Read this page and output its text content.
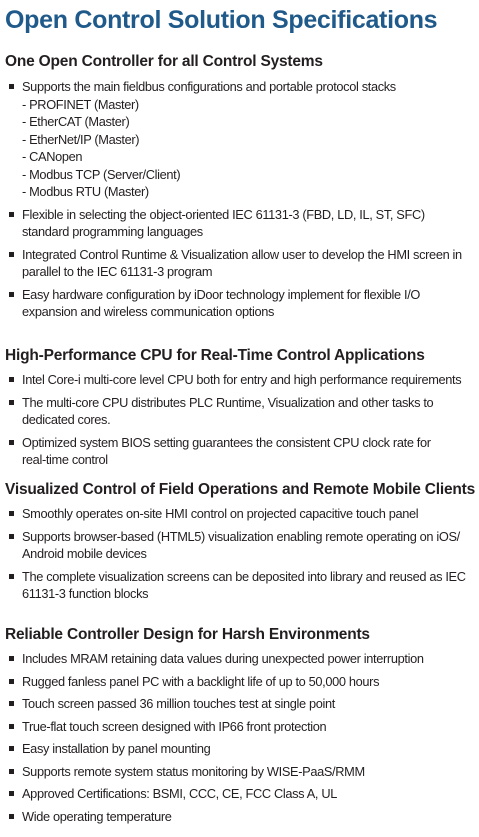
Open Control Solution Specifications
One Open Controller for all Control Systems
Supports the main fieldbus configurations and portable protocol stacks
- PROFINET (Master)
- EtherCAT (Master)
- EtherNet/IP (Master)
- CANopen
- Modbus TCP (Server/Client)
- Modbus RTU (Master)
Flexible in selecting the object-oriented IEC 61131-3 (FBD, LD, IL, ST, SFC)
standard programming languages
Integrated Control Runtime & Visualization allow user to develop the HMI screen in
parallel to the IEC 61131-3 program
Easy hardware configuration by iDoor technology implement for flexible I/O
expansion and wireless communication options
High-Performance CPU for Real-Time Control Applications
Intel Core-i multi-core level CPU both for entry and high performance requirements
The multi-core CPU distributes PLC Runtime, Visualization and other tasks to
dedicated cores.
Optimized system BIOS setting guarantees the consistent CPU clock rate for
real-time control
Visualized Control of Field Operations and Remote Mobile Clients
Smoothly operates on-site HMI control on projected capacitive touch panel
Supports browser-based (HTML5) visualization enabling remote operating on iOS/
Android mobile devices
The complete visualization screens can be deposited into library and reused as IEC
61131-3 function blocks
Reliable Controller Design for Harsh Environments
Includes MRAM retaining data values during unexpected power interruption
Rugged fanless panel PC with a backlight life of up to 50,000 hours
Touch screen passed 36 million touches test at single point
True-flat touch screen designed with IP66 front protection
Easy installation by panel mounting
Supports remote system status monitoring by WISE-PaaS/RMM
Approved Certifications: BSMI, CCC, CE, FCC Class A, UL
Wide operating temperature
